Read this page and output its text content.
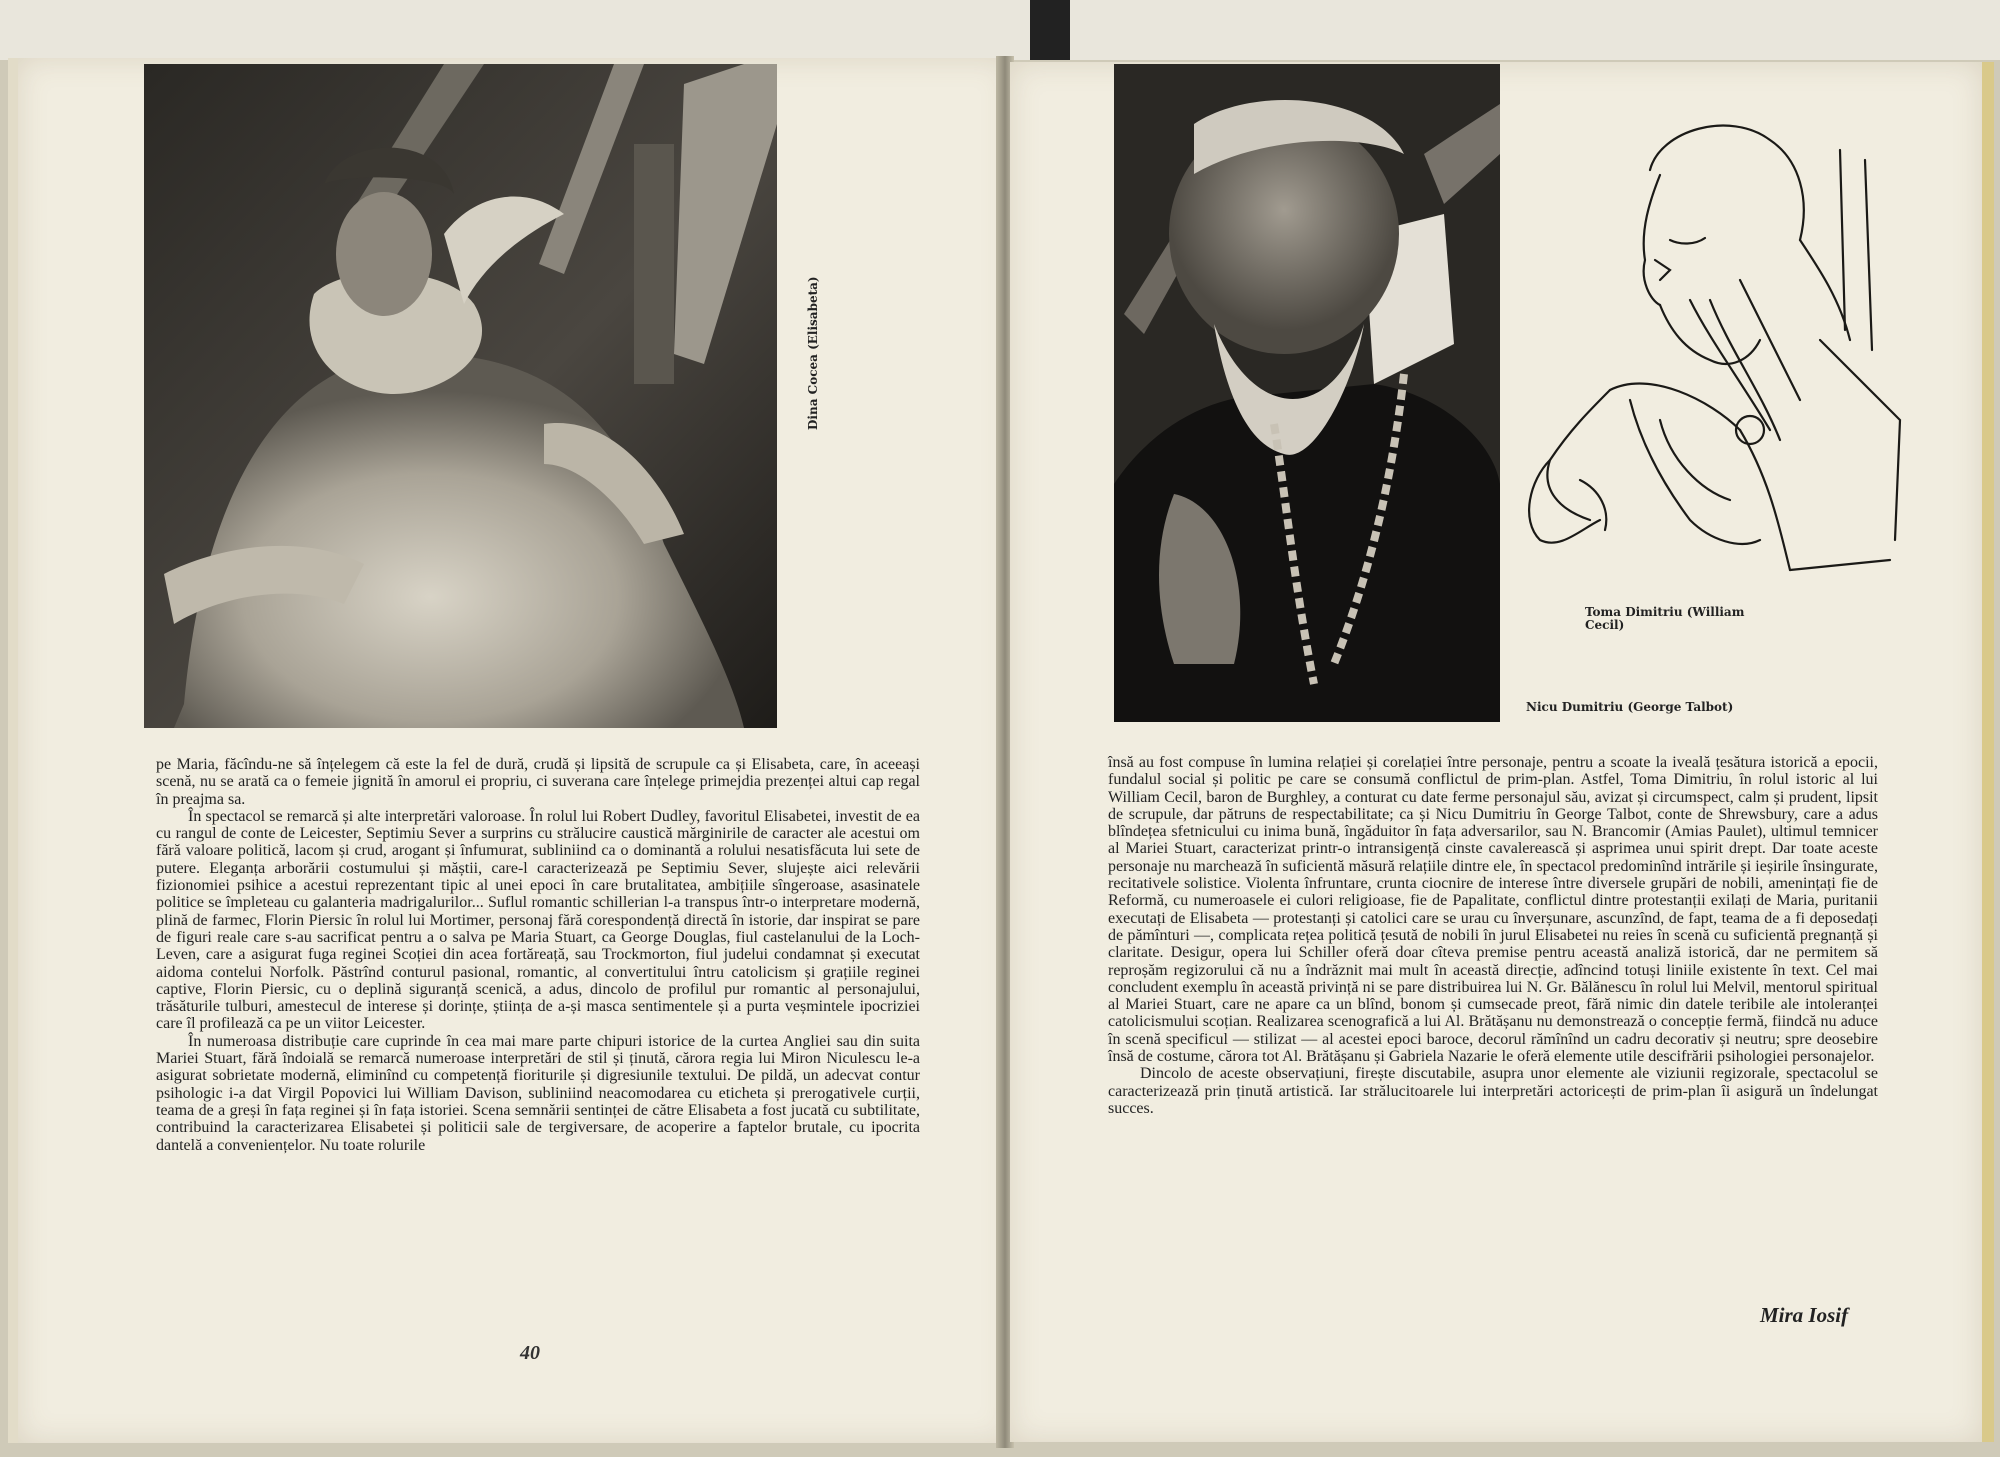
Dina Cocea (Elisabeta)

pe Maria, făcîndu-ne să înțelegem că este la fel de dură, crudă și lipsită de scrupule ca și Elisabeta, care, în aceeași scenă, nu se arată ca o femeie jignită în amorul ei propriu, ci suverana care înțelege primejdia prezenței altui cap regal în preajma sa.

În spectacol se remarcă și alte interpretări valoroase. În rolul lui Robert Dudley, favoritul Elisabetei, investit de ea cu rangul de conte de Leicester, Septimiu Sever a surprins cu strălucire caustică mărginirile de caracter ale acestui om fără valoare politică, lacom și crud, arogant și înfumurat, subliniind ca o dominantă a rolului nesatisfăcuta lui sete de putere. Eleganța arborării costumului și măștii, care-l caracterizează pe Septimiu Sever, slujește aici relevării fizionomiei psihice a acestui reprezentant tipic al unei epoci în care brutalitatea, ambițiile sîngeroase, asasinatele politice se împleteau cu galanteria madrigalurilor... Suflul romantic schillerian l-a transpus într-o interpretare modernă, plină de farmec, Florin Piersic în rolul lui Mortimer, personaj fără corespondență directă în istorie, dar inspirat se pare de figuri reale care s-au sacrificat pentru a o salva pe Maria Stuart, ca George Douglas, fiul castelanului de la Loch-Leven, care a asigurat fuga reginei Scoției din acea fortăreață, sau Trockmorton, fiul judelui condamnat și executat aidoma contelui Norfolk. Păstrînd conturul pasional, romantic, al convertitului întru catolicism și grațiile reginei captive, Florin Piersic, cu o deplină siguranță scenică, a adus, dincolo de profilul pur romantic al personajului, trăsăturile tulburi, amestecul de interese și dorințe, știința de a-și masca sentimentele și a purta veșmintele ipocriziei care îl profilează ca pe un viitor Leicester.

În numeroasa distribuție care cuprinde în cea mai mare parte chipuri istorice de la curtea Angliei sau din suita Mariei Stuart, fără îndoială se remarcă numeroase interpretări de stil și ținută, cărora regia lui Miron Niculescu le-a asigurat sobrietate modernă, eliminînd cu competență fioriturile și digresiunile textului. De pildă, un adecvat contur psihologic i-a dat Virgil Popovici lui William Davison, subliniind neacomodarea cu eticheta și prerogativele curții, teama de a greși în fața reginei și în fața istoriei. Scena semnării sentinței de către Elisabeta a fost jucată cu subtilitate, contribuind la caracterizarea Elisabetei și politicii sale de tergiversare, de acoperire a faptelor brutale, cu ipocrita dantelă a conveniențelor. Nu toate rolurile

40
Toma Dimitriu (William Cecil)
Nicu Dumitriu (George Talbot)

însă au fost compuse în lumina relației și corelației între personaje, pentru a scoate la iveală țesătura istorică a epocii, fundalul social și politic pe care se consumă conflictul de prim-plan. Astfel, Toma Dimitriu, în rolul istoric al lui William Cecil, baron de Burghley, a conturat cu date ferme personajul său, avizat și circumspect, calm și prudent, lipsit de scrupule, dar pătruns de respectabilitate; ca și Nicu Dumitriu în George Talbot, conte de Shrewsbury, care a adus blîndețea sfetnicului cu inima bună, îngăduitor în fața adversarilor, sau N. Brancomir (Amias Paulet), ultimul temnicer al Mariei Stuart, caracterizat printr-o intransigență cinste cavalerească și asprimea unui spirit drept. Dar toate aceste personaje nu marchează în suficientă măsură relațiile dintre ele, în spectacol predominînd intrările și ieșirile însingurate, recitativele solistice. Violenta înfruntare, crunta ciocnire de interese între diversele grupări de nobili, amenințați fie de Reformă, cu numeroasele ei culori religioase, fie de Papalitate, conflictul dintre protestanții exilați de Maria, puritanii executați de Elisabeta — protestanți și catolici care se urau cu înverșunare, ascunzînd, de fapt, teama de a fi deposedați de pămînturi —, complicata rețea politică țesută de nobili în jurul Elisabetei nu reies în scenă cu suficientă pregnanță și claritate. Desigur, opera lui Schiller oferă doar cîteva premise pentru această analiză istorică, dar ne permitem să reproșăm regizorului că nu a îndrăznit mai mult în această direcție, adîncind totuși liniile existente în text. Cel mai concludent exemplu în această privință ni se pare distribuirea lui N. Gr. Bălănescu în rolul lui Melvil, mentorul spiritual al Mariei Stuart, care ne apare ca un blînd, bonom și cumsecade preot, fără nimic din datele teribile ale intoleranței catolicismului scoțian. Realizarea scenografică a lui Al. Brătășanu nu demonstrează o concepție fermă, fiindcă nu aduce în scenă specificul — stilizat — al acestei epoci baroce, decorul rămînînd un cadru decorativ și neutru; spre deosebire însă de costume, cărora tot Al. Brătășanu și Gabriela Nazarie le oferă elemente utile descifrării psihologiei personajelor.

Dincolo de aceste observațiuni, firește discutabile, asupra unor elemente ale viziunii regizorale, spectacolul se caracterizează prin ținută artistică. Iar strălucitoarele lui interpretări actoricești de prim-plan îi asigură un îndelungat succes.

Mira Iosif
